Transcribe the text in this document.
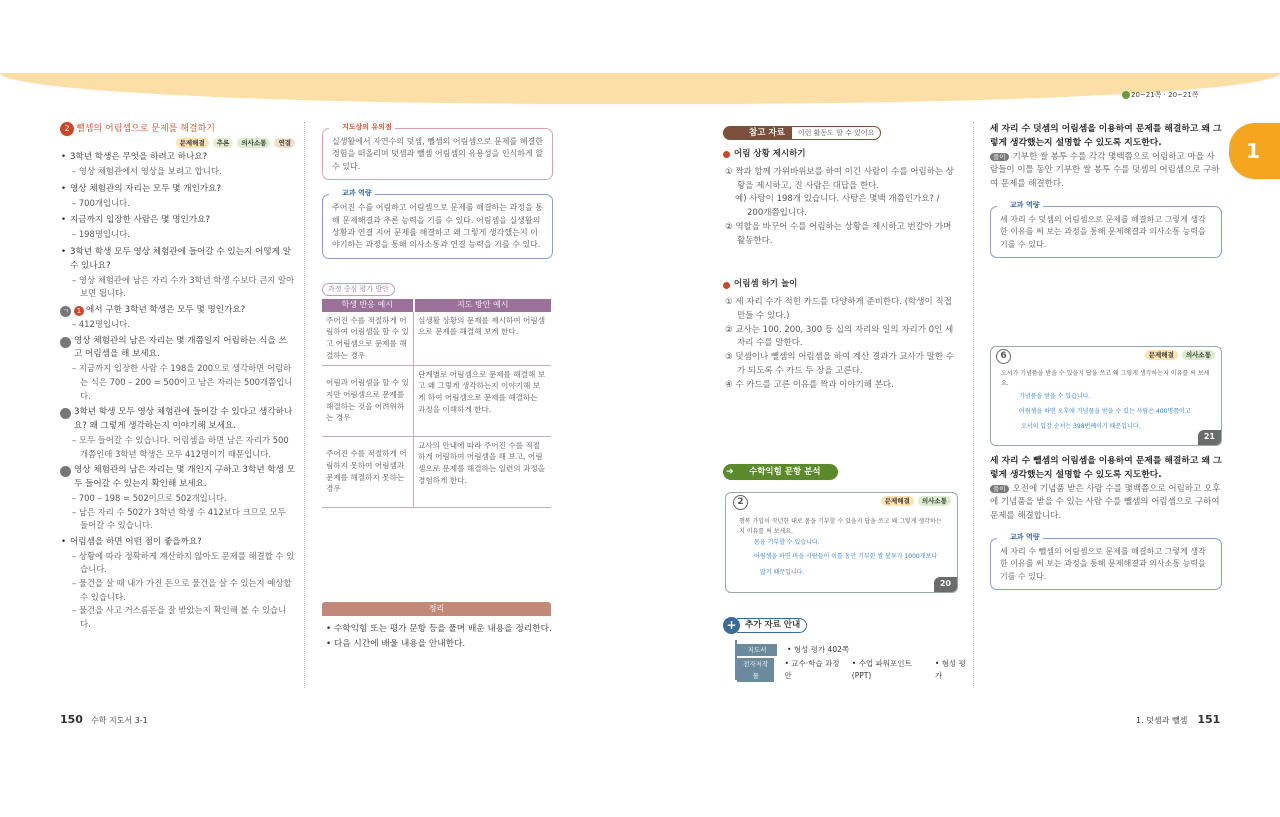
20~21쪽 · 20~21쪽
1
2 뺄셈의 어림셈으로 문제를 해결하기
문제해결 추론 의사소통 연결
• 3학년 학생은 무엇을 하려고 하나요?
– 영상 체험관에서 영상을 보려고 합니다.
• 영상 체험관의 자리는 모두 몇 개인가요?
– 700개입니다.
• 지금까지 입장한 사람은 몇 명인가요?
– 198명입니다.
• 3학년 학생 모두 영상 체험관에 들어갈 수 있는지 어떻게 알 수 있나요?
– 영상 체험관에 남은 자리 수가 3학년 학생 수보다 큰지 알아보면 됩니다.
ㄱ 1 에서 구한 3학년 학생은 모두 몇 명인가요?
– 412명입니다.
ㄴ 영상 체험관의 남은 자리는 몇 개쯤일지 어림하는 식을 쓰고 어림셈을 해 보세요.
– 지금까지 입장한 사람 수 198을 200으로 생각하면 어림하는 식은 700 – 200 = 500이고 남은 자리는 500개쯤입니다.
ㄷ 3학년 학생 모두 영상 체험관에 들어갈 수 있다고 생각하나요? 왜 그렇게 생각하는지 이야기해 보세요.
– 모두 들어갈 수 있습니다. 어림셈을 하면 남은 자리가 500개쯤인데 3학년 학생은 모두 412명이기 때문입니다.
ㄹ 영상 체험관의 남은 자리는 몇 개인지 구하고 3학년 학생 모두 들어갈 수 있는지 확인해 보세요.
– 700 – 198 = 502이므로 502개입니다.
– 남은 자리 수 502가 3학년 학생 수 412보다 크므로 모두 들어갈 수 있습니다.
• 어림셈을 하면 어떤 점이 좋을까요?
– 상황에 따라 정확하게 계산하지 않아도 문제를 해결할 수 있습니다.
– 물건을 살 때 내가 가진 돈으로 물건을 살 수 있는지 예상할 수 있습니다.
– 물건을 사고 거스름돈을 잘 받았는지 확인해 볼 수 있습니다.
! 지도상의 유의점
실생활에서 자연수의 덧셈, 뺄셈의 어림셈으로 문제를 해결한 경험을 떠올리며 덧셈과 뺄셈 어림셈의 유용성을 인식하게 할 수 있다.
+ 교과 역량
주어진 수를 어림하고 어림셈으로 문제를 해결하는 과정을 통해 문제해결과 추론 능력을 기를 수 있다. 어림셈을 실생활의 상황과 연결 지어 문제를 해결하고 왜 그렇게 생각했는지 이야기하는 과정을 통해 의사소통과 연결 능력을 기를 수 있다.
과정 중심 평가 방안
학생 반응 예시	지도 방안 예시
주어진 수를 적절하게 어림하여 어림셈을 할 수 있고 어림셈으로 문제를 해결하는 경우	실생활 상황의 문제를 제시하여 어림셈으로 문제를 해결해 보게 한다.
어림과 어림셈을 할 수 있지만 어림셈으로 문제를 해결하는 것을 어려워하는 경우	단계별로 어림셈으로 문제를 해결해 보고 왜 그렇게 생각하는지 이야기해 보게 하여 어림셈으로 문제를 해결하는 과정을 이해하게 한다.
주어진 수를 적절하게 어림하지 못하여 어림셈과 문제를 해결하지 못하는 경우	교사의 안내에 따라 주어진 수를 적절하게 어림하여 어림셈을 해 보고, 어림셈으로 문제를 해결하는 일련의 과정을 경험하게 한다.
정리
• 수학익힘 또는 평가 문항 등을 풀며 배운 내용을 정리한다.
• 다음 시간에 배울 내용을 안내한다.
참고 자료	이런 활동도 할 수 있어요
어림 상황 제시하기
① 짝과 함께 가위바위보를 하여 이긴 사람이 수를 어림하는 상황을 제시하고, 진 사람은 대답을 한다.
예) 사탕이 198개 있습니다. 사탕은 몇백 개쯤인가요? / 200개쯤입니다.
② 역할을 바꾸어 수를 어림하는 상황을 제시하고 번갈아 가며 활동한다.
어림셈 하기 놀이
① 세 자리 수가 적힌 카드를 다양하게 준비한다. (학생이 직접 만들 수 있다.)
② 교사는 100, 200, 300 등 십의 자리와 일의 자리가 0인 세 자리 수를 말한다.
③ 덧셈이나 뺄셈의 어림셈을 하여 계산 결과가 교사가 말한 수가 되도록 수 카드 두 장을 고른다.
④ 수 카드를 고른 이유를 짝과 이야기해 본다.
수학익힘 문항 분석
➔
2	문제해결 의사소통
행복 가입이 작년한 대로 몸을 기부할 수 있을지 답을 쓰고 왜 그렇게 생각하는지 이유를 써 보세요.
몸을 기부할 수 있습니다.
어림셈을 하면 마을 사람들이 이틀 동안 기부한 쌀 봉투가 1000개보다
많기 때문입니다.
20
+ 추가 자료 안내
지도서	• 형성 평가 402쪽
전자저작물
• 교수·학습 과정안
• 수업 파워포인트(PPT)
• 형성 평가
세 자리 수 덧셈의 어림셈을 이용하여 문제를 해결하고 왜 그렇게 생각했는지 설명할 수 있도록 지도한다.
풀이 기부한 쌀 봉투 수를 각각 몇백쯤으로 어림하고 마을 사람들이 이틀 동안 기부한 쌀 봉투 수를 덧셈의 어림셈으로 구하여 문제를 해결한다.
+ 교과 역량
세 자리 수 덧셈의 어림셈으로 문제를 해결하고 그렇게 생각한 이유를 써 보는 과정을 통해 문제해결과 의사소통 능력을 기를 수 있다.
6	문제해결 의사소통
오서가 기념품을 받을 수 있을지 답을 쓰고 왜 그렇게 생각하는지 이유를 써 보세요.
기념품을 받을 수 있습니다.
어림셈을 하면 오후에 기념품을 받을 수 있는 사람은 400명쯤이고
오서의 입장 순서는 398번째이기 때문입니다.
21
세 자리 수 뺄셈의 어림셈을 이용하여 문제를 해결하고 왜 그렇게 생각했는지 설명할 수 있도록 지도한다.
풀이 오전에 기념품 받은 사람 수를 몇백쯤으로 어림하고 오후에 기념품을 받을 수 있는 사람 수를 뺄셈의 어림셈으로 구하여 문제를 해결합니다.
+ 교과 역량
세 자리 수 뺄셈의 어림셈으로 문제를 해결하고 그렇게 생각한 이유를 써 보는 과정을 통해 문제해결과 의사소통 능력을 기를 수 있다.
150 수학 지도서 3-1	1. 덧셈과 뺄셈 151
